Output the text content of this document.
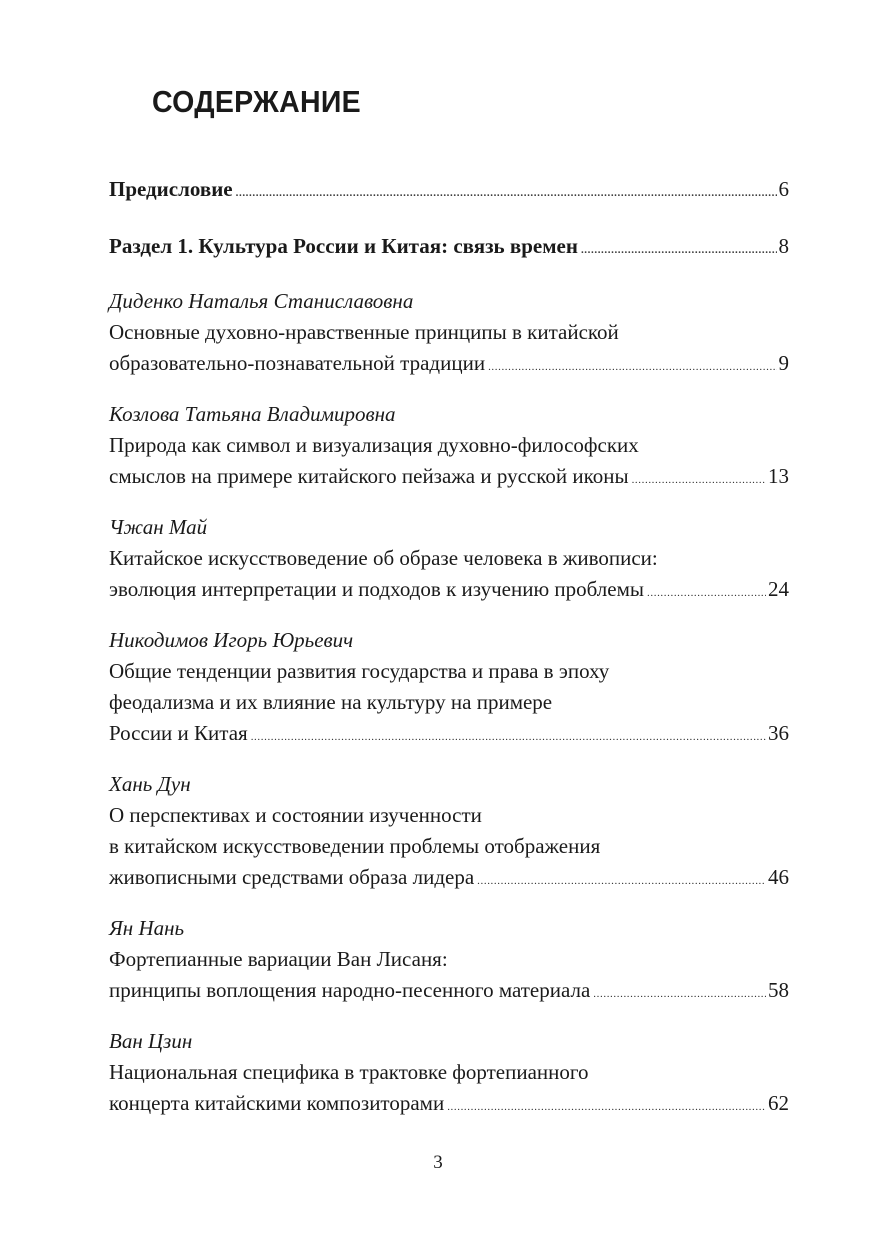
СОДЕРЖАНИЕ
Предисловие .....	6
Раздел 1. Культура России и Китая: связь времен .....	8
Диденко Наталья Станиславовна
Основные духовно-нравственные принципы в китайской
образовательно-познавательной традиции .....	9
Козлова Татьяна Владимировна
Природа как символ и визуализация духовно-философских
смыслов на примере китайского пейзажа и русской иконы .....	13
Чжан Май
Китайское искусствоведение об образе человека в живописи:
эволюция интерпретации и подходов к изучению проблемы .....	24
Никодимов Игорь Юрьевич
Общие тенденции развития государства и права в эпоху
феодализма и их влияние на культуру на примере
России и Китая .....	36
Хань Дун
О перспективах и состоянии изученности
в китайском искусствоведении проблемы отображения
живописными средствами образа лидера .....	46
Ян Нань
Фортепианные вариации Ван Лисаня:
принципы воплощения народно-песенного материала .....	58
Ван Цзин
Национальная специфика в трактовке фортепианного
концерта китайскими композиторами .....	62
3
